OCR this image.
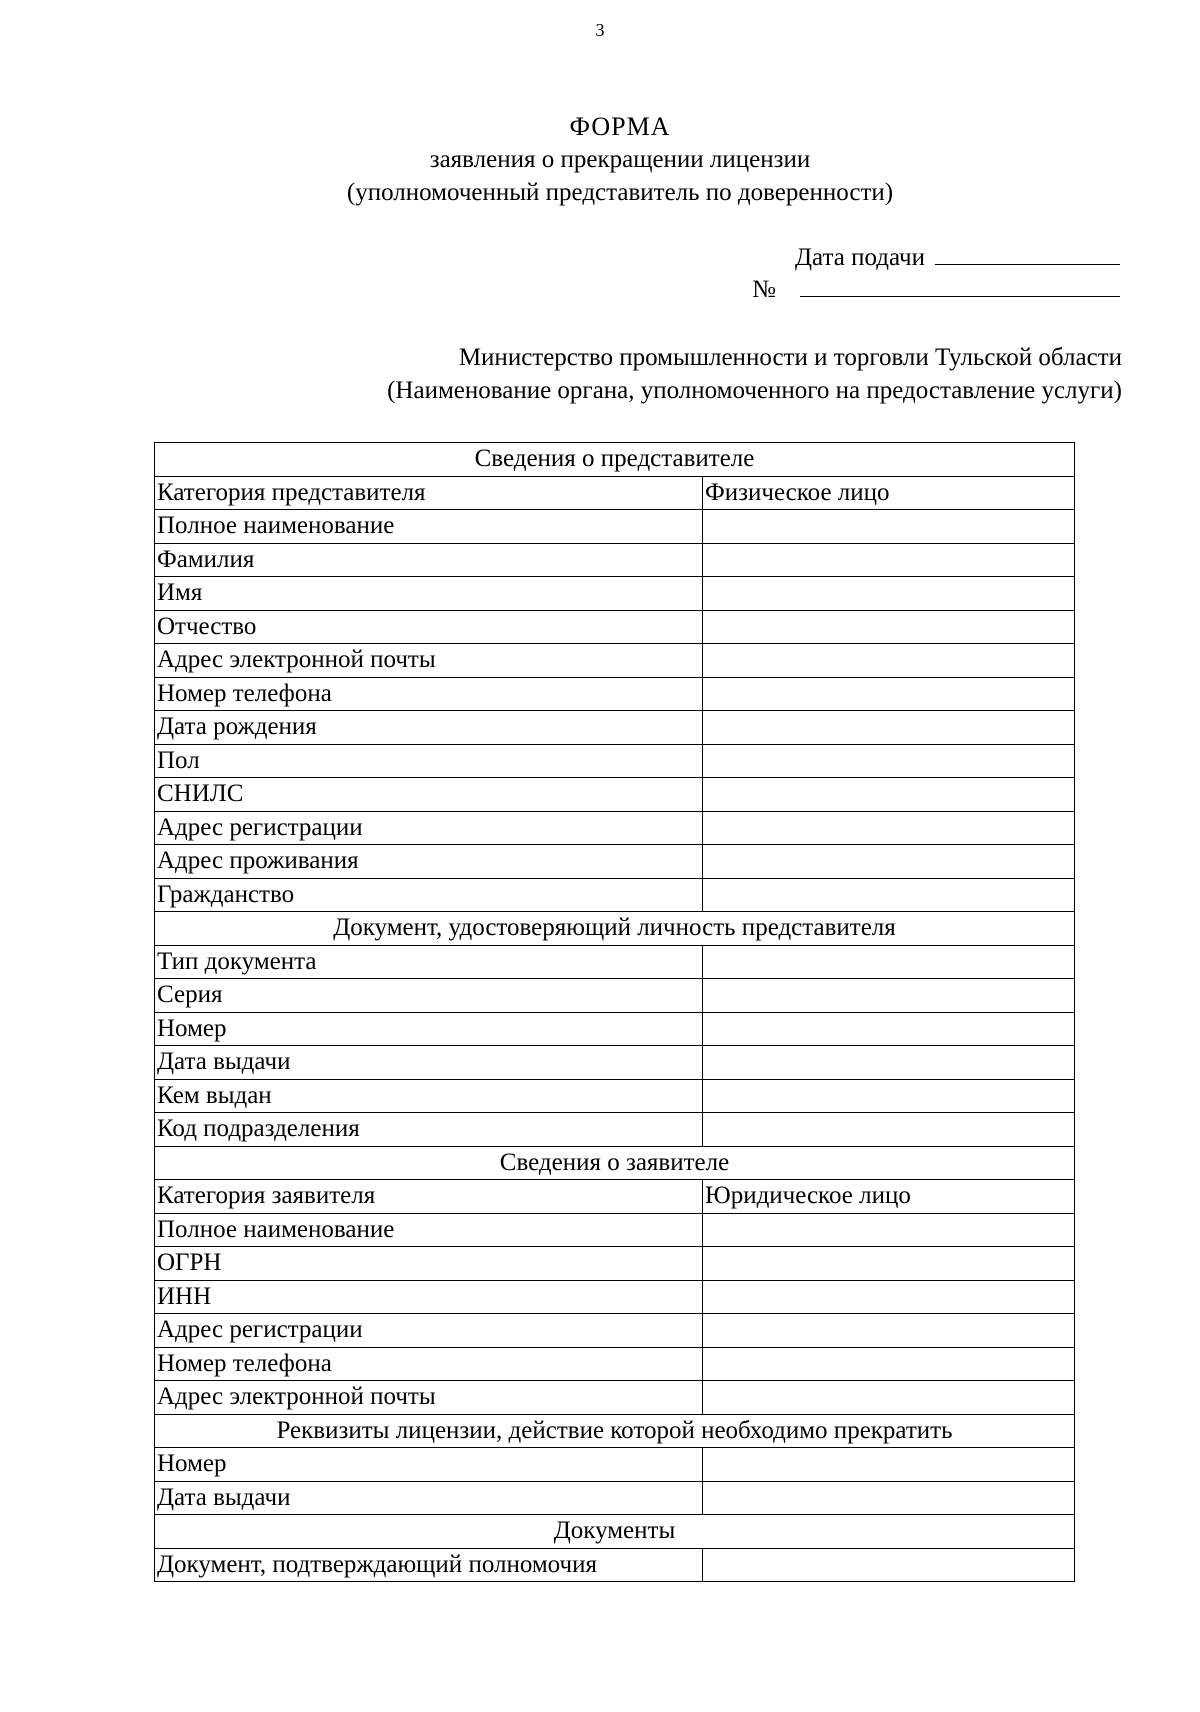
3
ФОРМА
заявления о прекращении лицензии
(уполномоченный представитель по доверенности)
Дата подачи
№
Министерство промышленности и торговли Тульской области
(Наименование органа, уполномоченного на предоставление услуги)
Сведения о представителе	
Категория представителя	Физическое лицо
Полное наименование	
Фамилия	
Имя	
Отчество	
Адрес электронной почты	
Номер телефона	
Дата рождения	
Пол	
СНИЛС	
Адрес регистрации	
Адрес проживания	
Гражданство	
Документ, удостоверяющий личность представителя	
Тип документа	
Серия	
Номер	
Дата выдачи	
Кем выдан	
Код подразделения	
Сведения о заявителе	
Категория заявителя	Юридическое лицо
Полное наименование	
ОГРН	
ИНН	
Адрес регистрации	
Номер телефона	
Адрес электронной почты	
Реквизиты лицензии, действие которой необходимо прекратить	
Номер	
Дата выдачи	
Документы	
Документ, подтверждающий полномочия	
